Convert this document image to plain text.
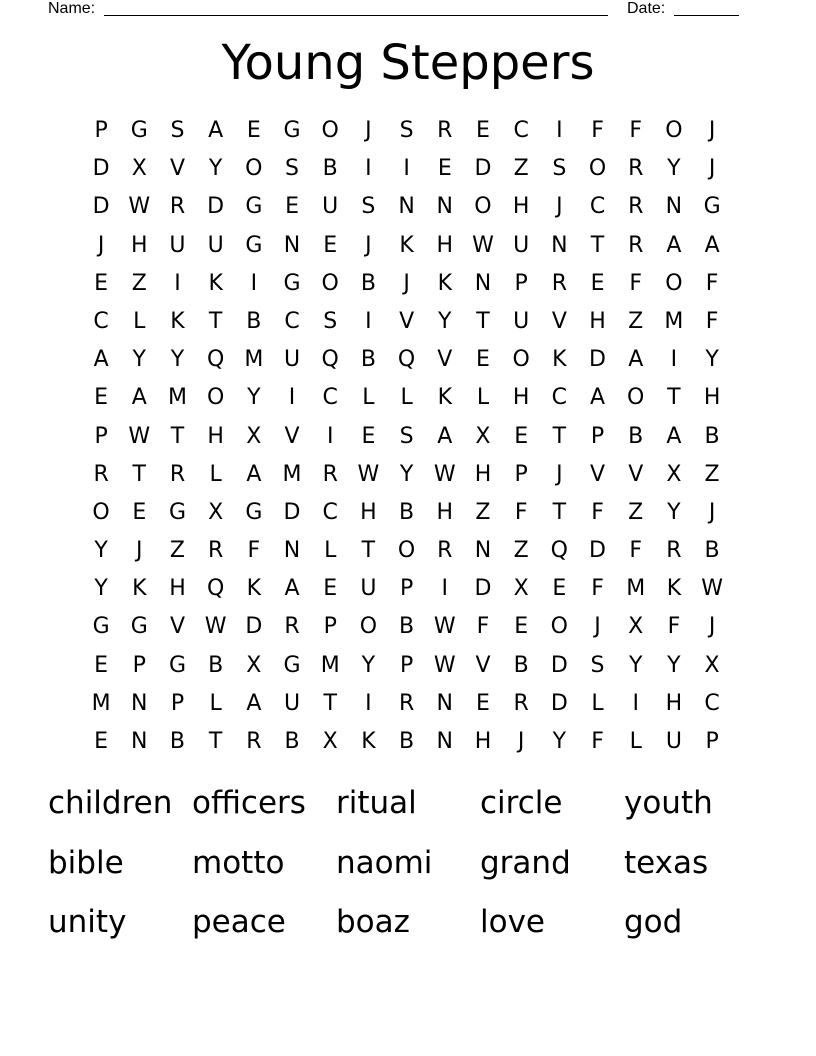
Name:	Date:
Young Steppers
P	G	S	A	E	G O	J	S	R	E	C	I	F	F	O	J
D	X	V	Y	O	S	B	I	I	E	D	Z	S	O R	Y	J
D W R	D G	E	U	S	N N O H	J	C	R	N G
J	H U	U G N	E	J	K	H W U N	T	R	A	A
E	Z	I	K	I	G O B	J	K	N	P	R	E	F	O	F
C	L	K	T	B	C	S	I	V	Y	T	U	V	H	Z M	F
A	Y	Y	Q M U Q B Q	V	E	O	K	D	A	I	Y
E	A M O	Y	I	C	L	L	K	L	H	C	A O	T	H
P W T	H	X	V	I	E	S	A	X	E	T	P	B	A	B
R	T	R	L	A M R W Y W H	P	J	V	V	X	Z
O	E	G	X	G D	C	H	B	H	Z	F	T	F	Z	Y	J
Y	J	Z	R	F	N	L	T	O R	N	Z Q D	F	R	B
Y	K	H Q	K	A	E	U	P	I	D	X	E	F	M K W
G G	V W D	R	P	O B W F	E	O	J	X	F	J
E	P	G	B	X	G M Y	P W V	B	D	S	Y	Y	X
M N	P	L	A	U	T	I	R	N	E	R	D	L	I	H	C
E	N	B	T	R	B	X	K	B	N H	J	Y	F	L	U	P
children officers ritual	circle	youth
bible	motto	naomi	grand	texas
unity	peace	boaz	love	god
